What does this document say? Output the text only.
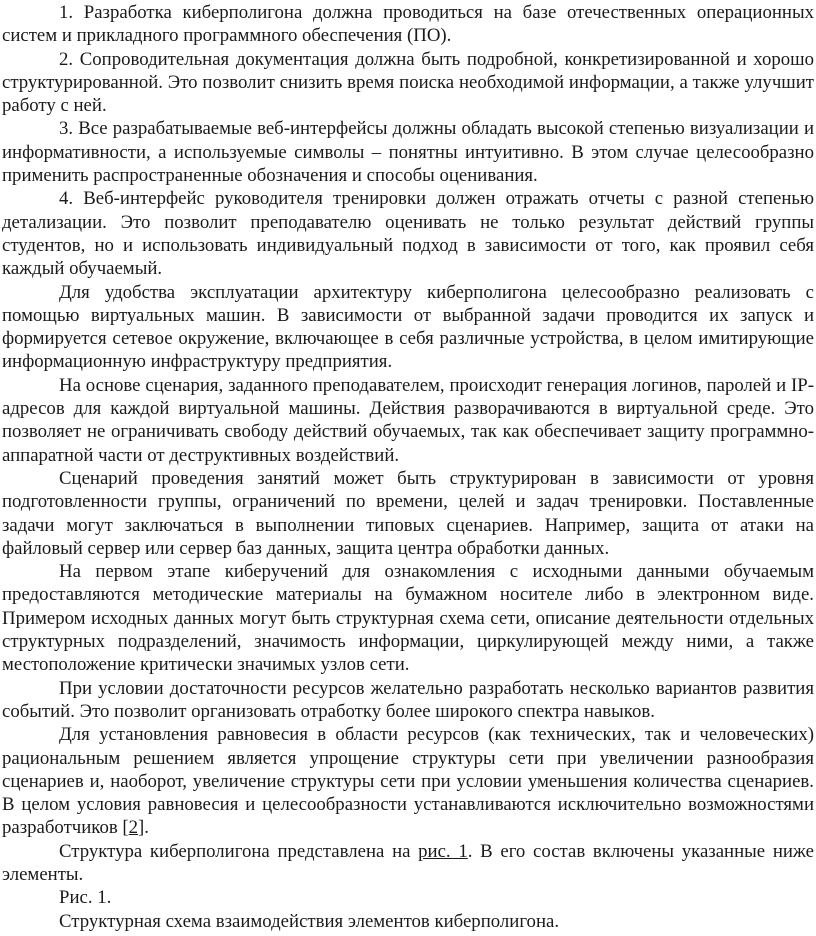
1. Разработка киберполигона должна проводиться на базе отечественных операционных систем и прикладного программного обеспечения (ПО).

2. Сопроводительная документация должна быть подробной, конкретизированной и хорошо структурированной. Это позволит снизить время поиска необходимой информации, а также улучшит работу с ней.

3. Все разрабатываемые веб-интерфейсы должны обладать высокой степенью визуализации и информативности, а используемые символы – понятны интуитивно. В этом случае целесообразно применить распространенные обозначения и способы оценивания.

4. Веб-интерфейс руководителя тренировки должен отражать отчеты с разной степенью детализации. Это позволит преподавателю оценивать не только результат действий группы студентов, но и использовать индивидуальный подход в зависимости от того, как проявил себя каждый обучаемый.

Для удобства эксплуатации архитектуру киберполигона целесообразно реализовать с помощью виртуальных машин. В зависимости от выбранной задачи проводится их запуск и формируется сетевое окружение, включающее в себя различные устройства, в целом имитирующие информационную инфраструктуру предприятия.

На основе сценария, заданного преподавателем, происходит генерация логинов, паролей и IP-адресов для каждой виртуальной машины. Действия разворачиваются в виртуальной среде. Это позволяет не ограничивать свободу действий обучаемых, так как обеспечивает защиту программно-аппаратной части от деструктивных воздействий.

Сценарий проведения занятий может быть структурирован в зависимости от уровня подготовленности группы, ограничений по времени, целей и задач тренировки. Поставленные задачи могут заключаться в выполнении типовых сценариев. Например, защита от атаки на файловый сервер или сервер баз данных, защита центра обработки данных.

На первом этапе киберучений для ознакомления с исходными данными обучаемым предоставляются методические материалы на бумажном носителе либо в электронном виде. Примером исходных данных могут быть структурная схема сети, описание деятельности отдельных структурных подразделений, значимость информации, циркулирующей между ними, а также местоположение критически значимых узлов сети.

При условии достаточности ресурсов желательно разработать несколько вариантов развития событий. Это позволит организовать отработку более широкого спектра навыков.

Для установления равновесия в области ресурсов (как технических, так и человеческих) рациональным решением является упрощение структуры сети при увеличении разнообразия сценариев и, наоборот, увеличение структуры сети при условии уменьшения количества сценариев. В целом условия равновесия и целесообразности устанавливаются исключительно возможностями разработчиков [2].

Структура киберполигона представлена на рис. 1. В его состав включены указанные ниже элементы.

Рис. 1.

Структурная схема взаимодействия элементов киберполигона.
